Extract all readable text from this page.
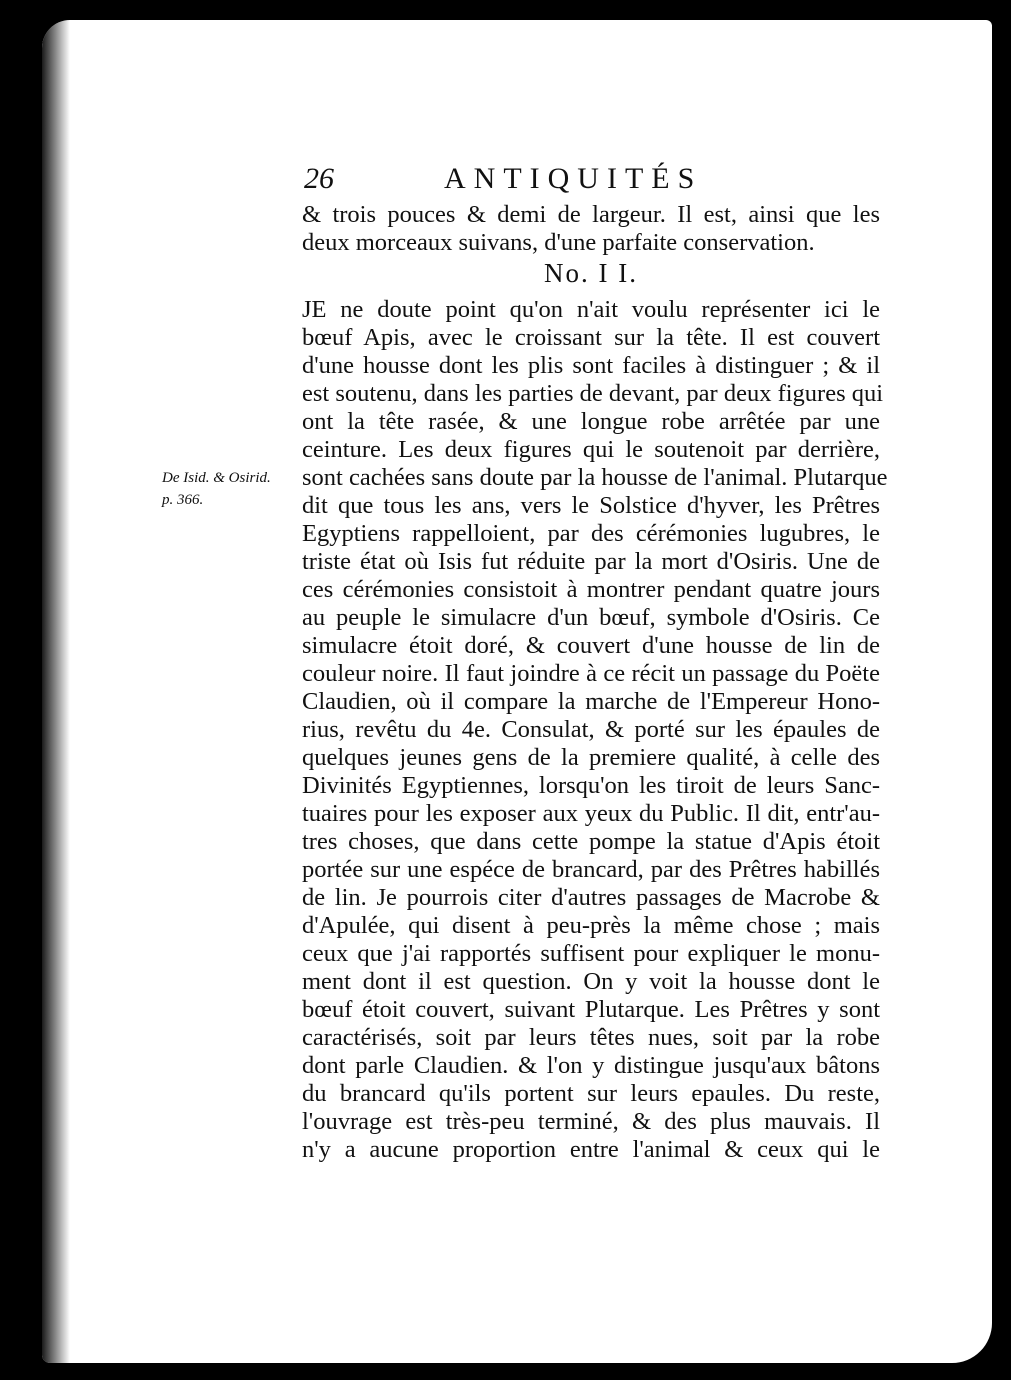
26	ANTIQUITÉS
& trois pouces & demi de largeur. Il est, ainsi que les
deux morceaux suivans, d'une parfaite conservation.
No. I I.
JE ne doute point qu'on n'ait voulu représenter ici le
bœuf Apis, avec le croissant sur la tête. Il est couvert
d'une housse dont les plis sont faciles à distinguer ; & il
est soutenu, dans les parties de devant, par deux figures qui
ont la tête rasée, & une longue robe arrêtée par une
ceinture. Les deux figures qui le soutenoit par derrière,
sont cachées sans doute par la housse de l'animal. Plutarque
dit que tous les ans, vers le Solstice d'hyver, les Prêtres
Egyptiens rappelloient, par des cérémonies lugubres, le
triste état où Isis fut réduite par la mort d'Osiris. Une de
ces cérémonies consistoit à montrer pendant quatre jours
au peuple le simulacre d'un bœuf, symbole d'Osiris. Ce
simulacre étoit doré, & couvert d'une housse de lin de
couleur noire. Il faut joindre à ce récit un passage du Poëte
Claudien, où il compare la marche de l'Empereur Hono-
rius, revêtu du 4e. Consulat, & porté sur les épaules de
quelques jeunes gens de la premiere qualité, à celle des
Divinités Egyptiennes, lorsqu'on les tiroit de leurs Sanc-
tuaires pour les exposer aux yeux du Public. Il dit, entr'au-
tres choses, que dans cette pompe la statue d'Apis étoit
portée sur une espéce de brancard, par des Prêtres habillés
de lin. Je pourrois citer d'autres passages de Macrobe &
d'Apulée, qui disent à peu-près la même chose ; mais
ceux que j'ai rapportés suffisent pour expliquer le monu-
ment dont il est question. On y voit la housse dont le
bœuf étoit couvert, suivant Plutarque. Les Prêtres y sont
caractérisés, soit par leurs têtes nues, soit par la robe
dont parle Claudien. & l'on y distingue jusqu'aux bâtons
du brancard qu'ils portent sur leurs epaules. Du reste,
l'ouvrage est très-peu terminé, & des plus mauvais. Il
n'y a aucune proportion entre l'animal & ceux qui le
De Isid. & Osirid.
p. 366.
